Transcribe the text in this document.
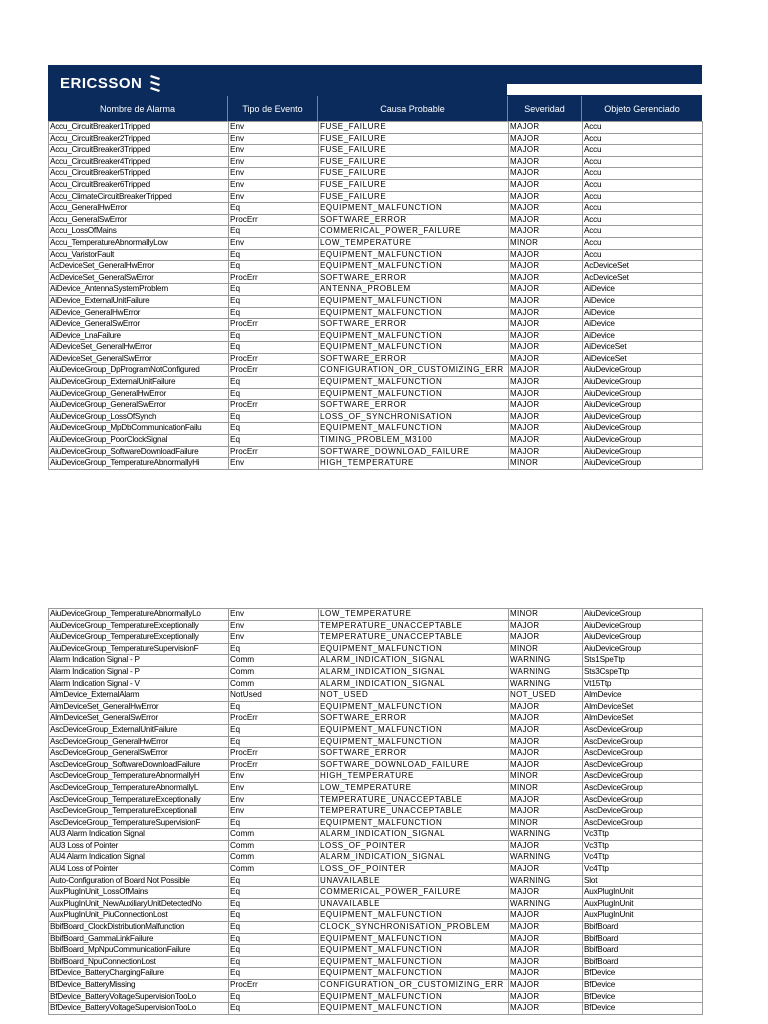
ERICSSON
Nombre de Alarma	Tipo de Evento	Causa Probable	Severidad	Objeto Gerenciado
Accu_CircuitBreaker1Tripped	Env	FUSE_FAILURE	MAJOR	Accu
Accu_CircuitBreaker2Tripped	Env	FUSE_FAILURE	MAJOR	Accu
Accu_CircuitBreaker3Tripped	Env	FUSE_FAILURE	MAJOR	Accu
Accu_CircuitBreaker4Tripped	Env	FUSE_FAILURE	MAJOR	Accu
Accu_CircuitBreaker5Tripped	Env	FUSE_FAILURE	MAJOR	Accu
Accu_CircuitBreaker6Tripped	Env	FUSE_FAILURE	MAJOR	Accu
Accu_ClimateCircuitBreakerTripped	Env	FUSE_FAILURE	MAJOR	Accu
Accu_GeneralHwError	Eq	EQUIPMENT_MALFUNCTION	MAJOR	Accu
Accu_GeneralSwError	ProcErr	SOFTWARE_ERROR	MAJOR	Accu
Accu_LossOfMains	Eq	COMMERICAL_POWER_FAILURE	MAJOR	Accu
Accu_TemperatureAbnormallyLow	Env	LOW_TEMPERATURE	MINOR	Accu
Accu_VaristorFault	Eq	EQUIPMENT_MALFUNCTION	MAJOR	Accu
AcDeviceSet_GeneralHwError	Eq	EQUIPMENT_MALFUNCTION	MAJOR	AcDeviceSet
AcDeviceSet_GeneralSwError	ProcErr	SOFTWARE_ERROR	MAJOR	AcDeviceSet
AiDevice_AntennaSystemProblem	Eq	ANTENNA_PROBLEM	MAJOR	AiDevice
AiDevice_ExternalUnitFailure	Eq	EQUIPMENT_MALFUNCTION	MAJOR	AiDevice
AiDevice_GeneralHwError	Eq	EQUIPMENT_MALFUNCTION	MAJOR	AiDevice
AiDevice_GeneralSwError	ProcErr	SOFTWARE_ERROR	MAJOR	AiDevice
AiDevice_LnaFailure	Eq	EQUIPMENT_MALFUNCTION	MAJOR	AiDevice
AiDeviceSet_GeneralHwError	Eq	EQUIPMENT_MALFUNCTION	MAJOR	AiDeviceSet
AiDeviceSet_GeneralSwError	ProcErr	SOFTWARE_ERROR	MAJOR	AiDeviceSet
AiuDeviceGroup_DpProgramNotConfigured	ProcErr	CONFIGURATION_OR_CUSTOMIZING_ERR	MAJOR	AiuDeviceGroup
AiuDeviceGroup_ExternalUnitFailure	Eq	EQUIPMENT_MALFUNCTION	MAJOR	AiuDeviceGroup
AiuDeviceGroup_GeneralHwError	Eq	EQUIPMENT_MALFUNCTION	MAJOR	AiuDeviceGroup
AiuDeviceGroup_GeneralSwError	ProcErr	SOFTWARE_ERROR	MAJOR	AiuDeviceGroup
AiuDeviceGroup_LossOfSynch	Eq	LOSS_OF_SYNCHRONISATION	MAJOR	AiuDeviceGroup
AiuDeviceGroup_MpDbCommunicationFailu	Eq	EQUIPMENT_MALFUNCTION	MAJOR	AiuDeviceGroup
AiuDeviceGroup_PoorClockSignal	Eq	TIMING_PROBLEM_M3100	MAJOR	AiuDeviceGroup
AiuDeviceGroup_SoftwareDownloadFailure	ProcErr	SOFTWARE_DOWNLOAD_FAILURE	MAJOR	AiuDeviceGroup
AiuDeviceGroup_TemperatureAbnormallyHi	Env	HIGH_TEMPERATURE	MINOR	AiuDeviceGroup
AiuDeviceGroup_TemperatureAbnormallyLo	Env	LOW_TEMPERATURE	MINOR	AiuDeviceGroup
AiuDeviceGroup_TemperatureExceptionally	Env	TEMPERATURE_UNACCEPTABLE	MAJOR	AiuDeviceGroup
AiuDeviceGroup_TemperatureExceptionally	Env	TEMPERATURE_UNACCEPTABLE	MAJOR	AiuDeviceGroup
AiuDeviceGroup_TemperatureSupervisionF	Eq	EQUIPMENT_MALFUNCTION	MINOR	AiuDeviceGroup
Alarm Indication Signal - P	Comm	ALARM_INDICATION_SIGNAL	WARNING	Sts1SpeTtp
Alarm Indication Signal - P	Comm	ALARM_INDICATION_SIGNAL	WARNING	Sts3CspeTtp
Alarm Indication Signal - V	Comm	ALARM_INDICATION_SIGNAL	WARNING	Vt15Ttp
AlmDevice_ExternalAlarm	NotUsed	NOT_USED	NOT_USED	AlmDevice
AlmDeviceSet_GeneralHwError	Eq	EQUIPMENT_MALFUNCTION	MAJOR	AlmDeviceSet
AlmDeviceSet_GeneralSwError	ProcErr	SOFTWARE_ERROR	MAJOR	AlmDeviceSet
AscDeviceGroup_ExternalUnitFailure	Eq	EQUIPMENT_MALFUNCTION	MAJOR	AscDeviceGroup
AscDeviceGroup_GeneralHwError	Eq	EQUIPMENT_MALFUNCTION	MAJOR	AscDeviceGroup
AscDeviceGroup_GeneralSwError	ProcErr	SOFTWARE_ERROR	MAJOR	AscDeviceGroup
AscDeviceGroup_SoftwareDownloadFailure	ProcErr	SOFTWARE_DOWNLOAD_FAILURE	MAJOR	AscDeviceGroup
AscDeviceGroup_TemperatureAbnormallyH	Env	HIGH_TEMPERATURE	MINOR	AscDeviceGroup
AscDeviceGroup_TemperatureAbnormallyL	Env	LOW_TEMPERATURE	MINOR	AscDeviceGroup
AscDeviceGroup_TemperatureExceptionally	Env	TEMPERATURE_UNACCEPTABLE	MAJOR	AscDeviceGroup
AscDeviceGroup_TemperatureExceptionall	Env	TEMPERATURE_UNACCEPTABLE	MAJOR	AscDeviceGroup
AscDeviceGroup_TemperatureSupervisionF	Eq	EQUIPMENT_MALFUNCTION	MINOR	AscDeviceGroup
AU3 Alarm Indication Signal	Comm	ALARM_INDICATION_SIGNAL	WARNING	Vc3Ttp
AU3 Loss of Pointer	Comm	LOSS_OF_POINTER	MAJOR	Vc3Ttp
AU4 Alarm Indication Signal	Comm	ALARM_INDICATION_SIGNAL	WARNING	Vc4Ttp
AU4 Loss of Pointer	Comm	LOSS_OF_POINTER	MAJOR	Vc4Ttp
Auto-Configuration of Board Not Possible	Eq	UNAVAILABLE	WARNING	Slot
AuxPlugInUnit_LossOfMains	Eq	COMMERICAL_POWER_FAILURE	MAJOR	AuxPlugInUnit
AuxPlugInUnit_NewAuxiliaryUnitDetectedNo	Eq	UNAVAILABLE	WARNING	AuxPlugInUnit
AuxPlugInUnit_PiuConnectionLost	Eq	EQUIPMENT_MALFUNCTION	MAJOR	AuxPlugInUnit
BbifBoard_ClockDistributionMalfunction	Eq	CLOCK_SYNCHRONISATION_PROBLEM	MAJOR	BbifBoard
BbifBoard_GammaLinkFailure	Eq	EQUIPMENT_MALFUNCTION	MAJOR	BbifBoard
BbifBoard_MpNpuCommunicationFailure	Eq	EQUIPMENT_MALFUNCTION	MAJOR	BbifBoard
BbifBoard_NpuConnectionLost	Eq	EQUIPMENT_MALFUNCTION	MAJOR	BbifBoard
BfDevice_BatteryChargingFailure	Eq	EQUIPMENT_MALFUNCTION	MAJOR	BfDevice
BfDevice_BatteryMissing	ProcErr	CONFIGURATION_OR_CUSTOMIZING_ERR	MAJOR	BfDevice
BfDevice_BatteryVoltageSupervisionTooLo	Eq	EQUIPMENT_MALFUNCTION	MAJOR	BfDevice
BfDevice_BatteryVoltageSupervisionTooLo	Eq	EQUIPMENT_MALFUNCTION	MAJOR	BfDevice
